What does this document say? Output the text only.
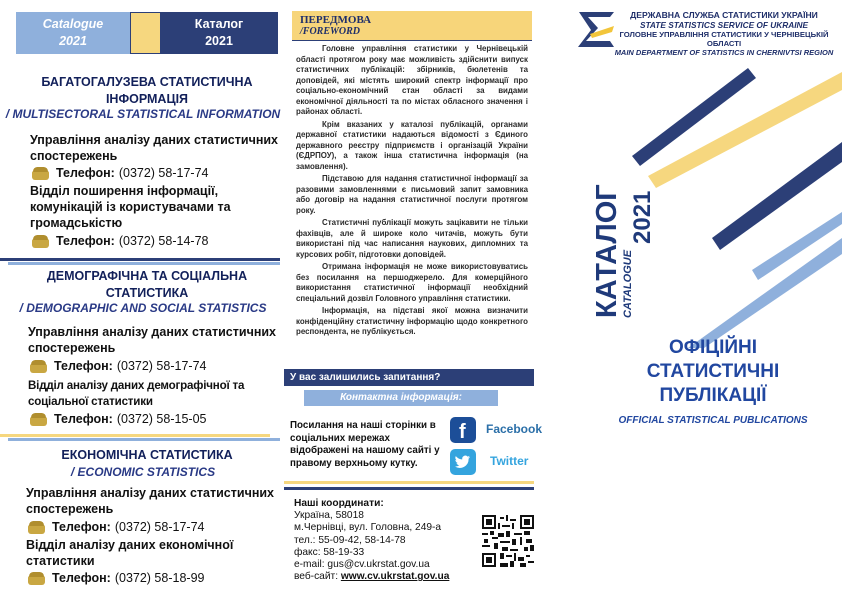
Catalogue
2021
Каталог
2021
БАГАТОГАЛУЗЕВА СТАТИСТИЧНА ІНФОРМАЦІЯ
/ MULTISECTORAL STATISTICAL INFORMATION
Управління аналізу даних статистичних спостережень
Телефон: (0372) 58-17-74
Відділ поширення інформації, комунікацій із користувачами та громадськістю
Телефон: (0372) 58-14-78
ДЕМОГРАФІЧНА ТА СОЦІАЛЬНА СТАТИСТИКА
/ DEMOGRAPHIC AND SOCIAL STATISTICS
Управління аналізу даних статистичних спостережень
Телефон: (0372) 58-17-74
Відділ аналізу даних демографічної та соціальної статистики
Телефон: (0372) 58-15-05
ЕКОНОМІЧНА СТАТИСТИКА
/ ECONOMIC STATISTICS
Управління аналізу даних статистичних спостережень
Телефон: (0372) 58-17-74
Відділ аналізу даних економічної статистики
Телефон: (0372) 58-18-99
ПЕРЕДМОВА
/FOREWORD

Головне управління статистики у Чернівецькій області протягом року має можливість здійснити випуск статистичних публікацій: збірників, бюлетенів та доповідей, які містять широкий спектр інформації про соціально-економічний стан області за видами економічної діяльності та по містах обласного значення і районах області.

Крім вказаних у каталозі публікацій, органами державної статистики надаються відомості з Єдиного державного реєстру підприємств і організацій України (ЄДРПОУ), а також інша статистична інформація (на замовлення).

Підставою для надання статистичної інформації за разовими замовленнями є письмовий запит замовника або договір на надання статистичної послуги протягом року.

Статистичні публікації можуть зацікавити не тільки фахівців, але й широке коло читачів, можуть бути використані під час написання наукових, дипломних та курсових робіт, підготовки доповідей.

Отримана інформація не може використовуватись без посилання на першоджерело. Для комерційного використання статистичної інформації необхідний спеціальний дозвіл Головного управління статистики.

Інформація, на підставі якої можна визначити конфіденційну статистичну інформацію щодо конкретного респондента, не публікується.

У вас залишились запитання?
Контактна інформація:
Посилання на наші сторінки в соціальних мережах відображені на нашому сайті у правому верхньому кутку.
f Facebook
Twitter
Наші координати:
Україна, 58018
м.Чернівці, вул. Головна, 249-а
тел.: 55-09-42, 58-14-78
факс: 58-19-33
e-mail: gus@cv.ukrstat.gov.ua
веб-сайт: www.cv.ukrstat.gov.ua
ДЕРЖАВНА СЛУЖБА СТАТИСТИКИ УКРАЇНИ
STATE STATISTICS SERVICE OF UKRAINE
ГОЛОВНЕ УПРАВЛІННЯ СТАТИСТИКИ У ЧЕРНІВЕЦЬКІЙ ОБЛАСТІ
MAIN DEPARTMENT OF STATISTICS IN CHERNIVTSI REGION
КАТАЛОГ CATALOGUE
2021
ОФІЦІЙНІ
СТАТИСТИЧНІ
ПУБЛІКАЦІЇ
OFFICIAL STATISTICAL PUBLICATIONS
